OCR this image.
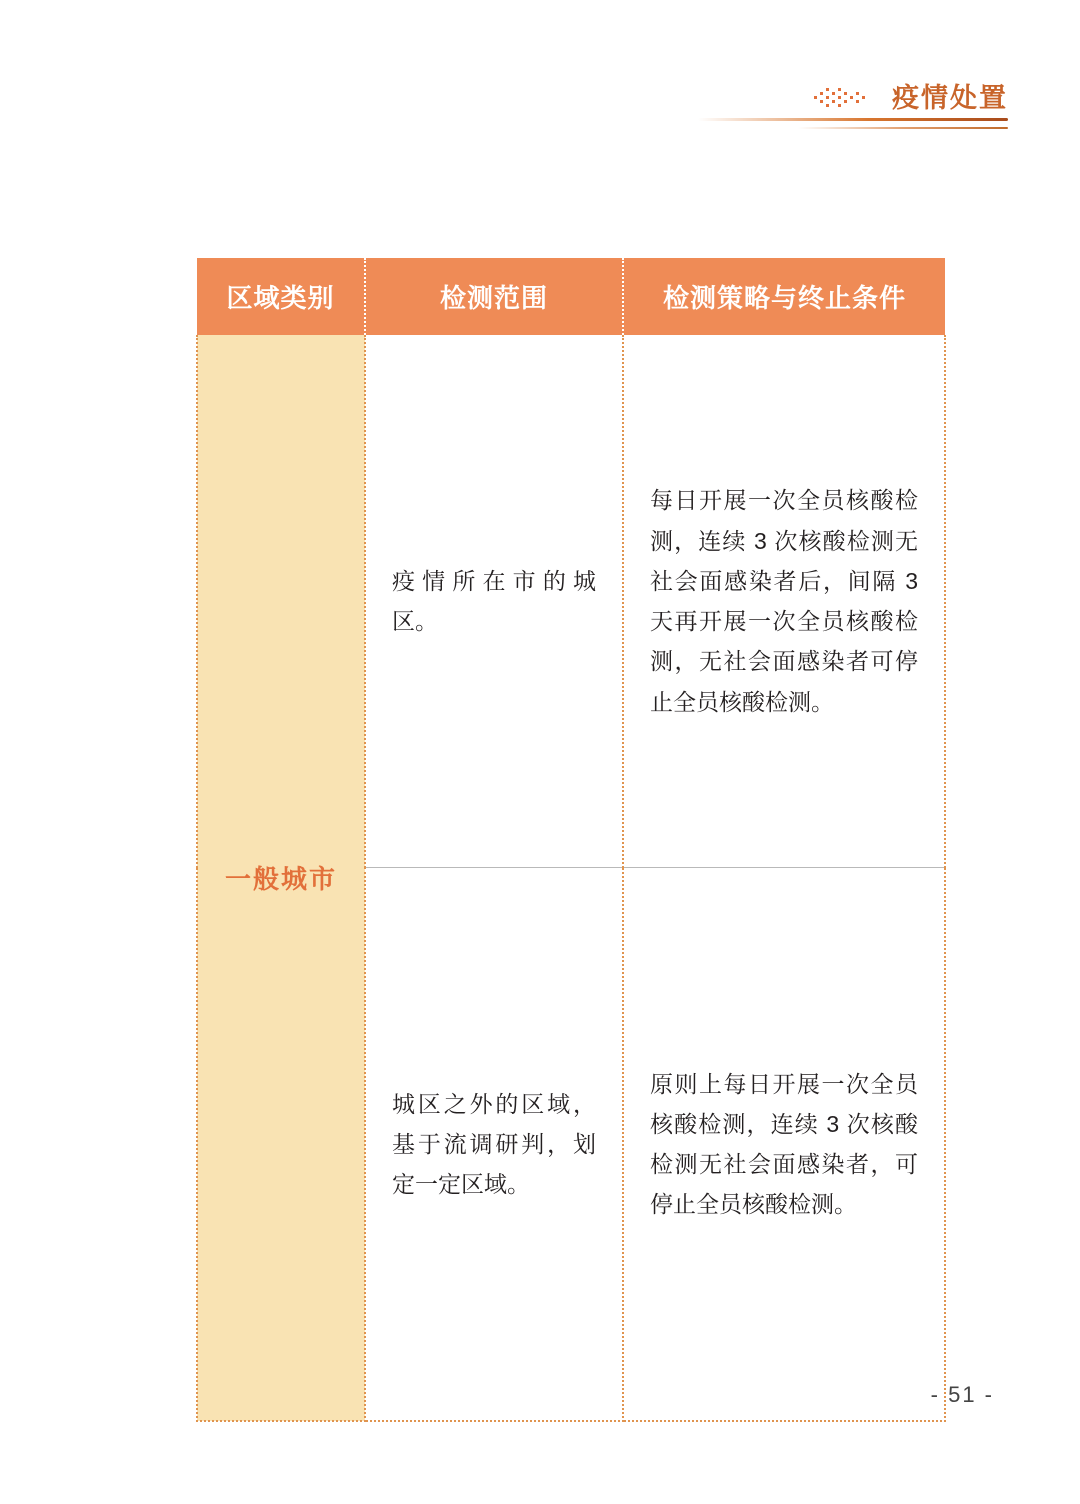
疫情处置
区域类别	检测范围	检测策略与终止条件
一般城市	疫情所在市的城区。	每日开展一次全员核酸检测，连续 3 次核酸检测无社会面感染者后，间隔 3 天再开展一次全员核酸检测，无社会面感染者可停止全员核酸检测。
	城区之外的区域，基于流调研判，划定一定区域。	原则上每日开展一次全员核酸检测，连续 3 次核酸检测无社会面感染者，可停止全员核酸检测。
- 51 -
